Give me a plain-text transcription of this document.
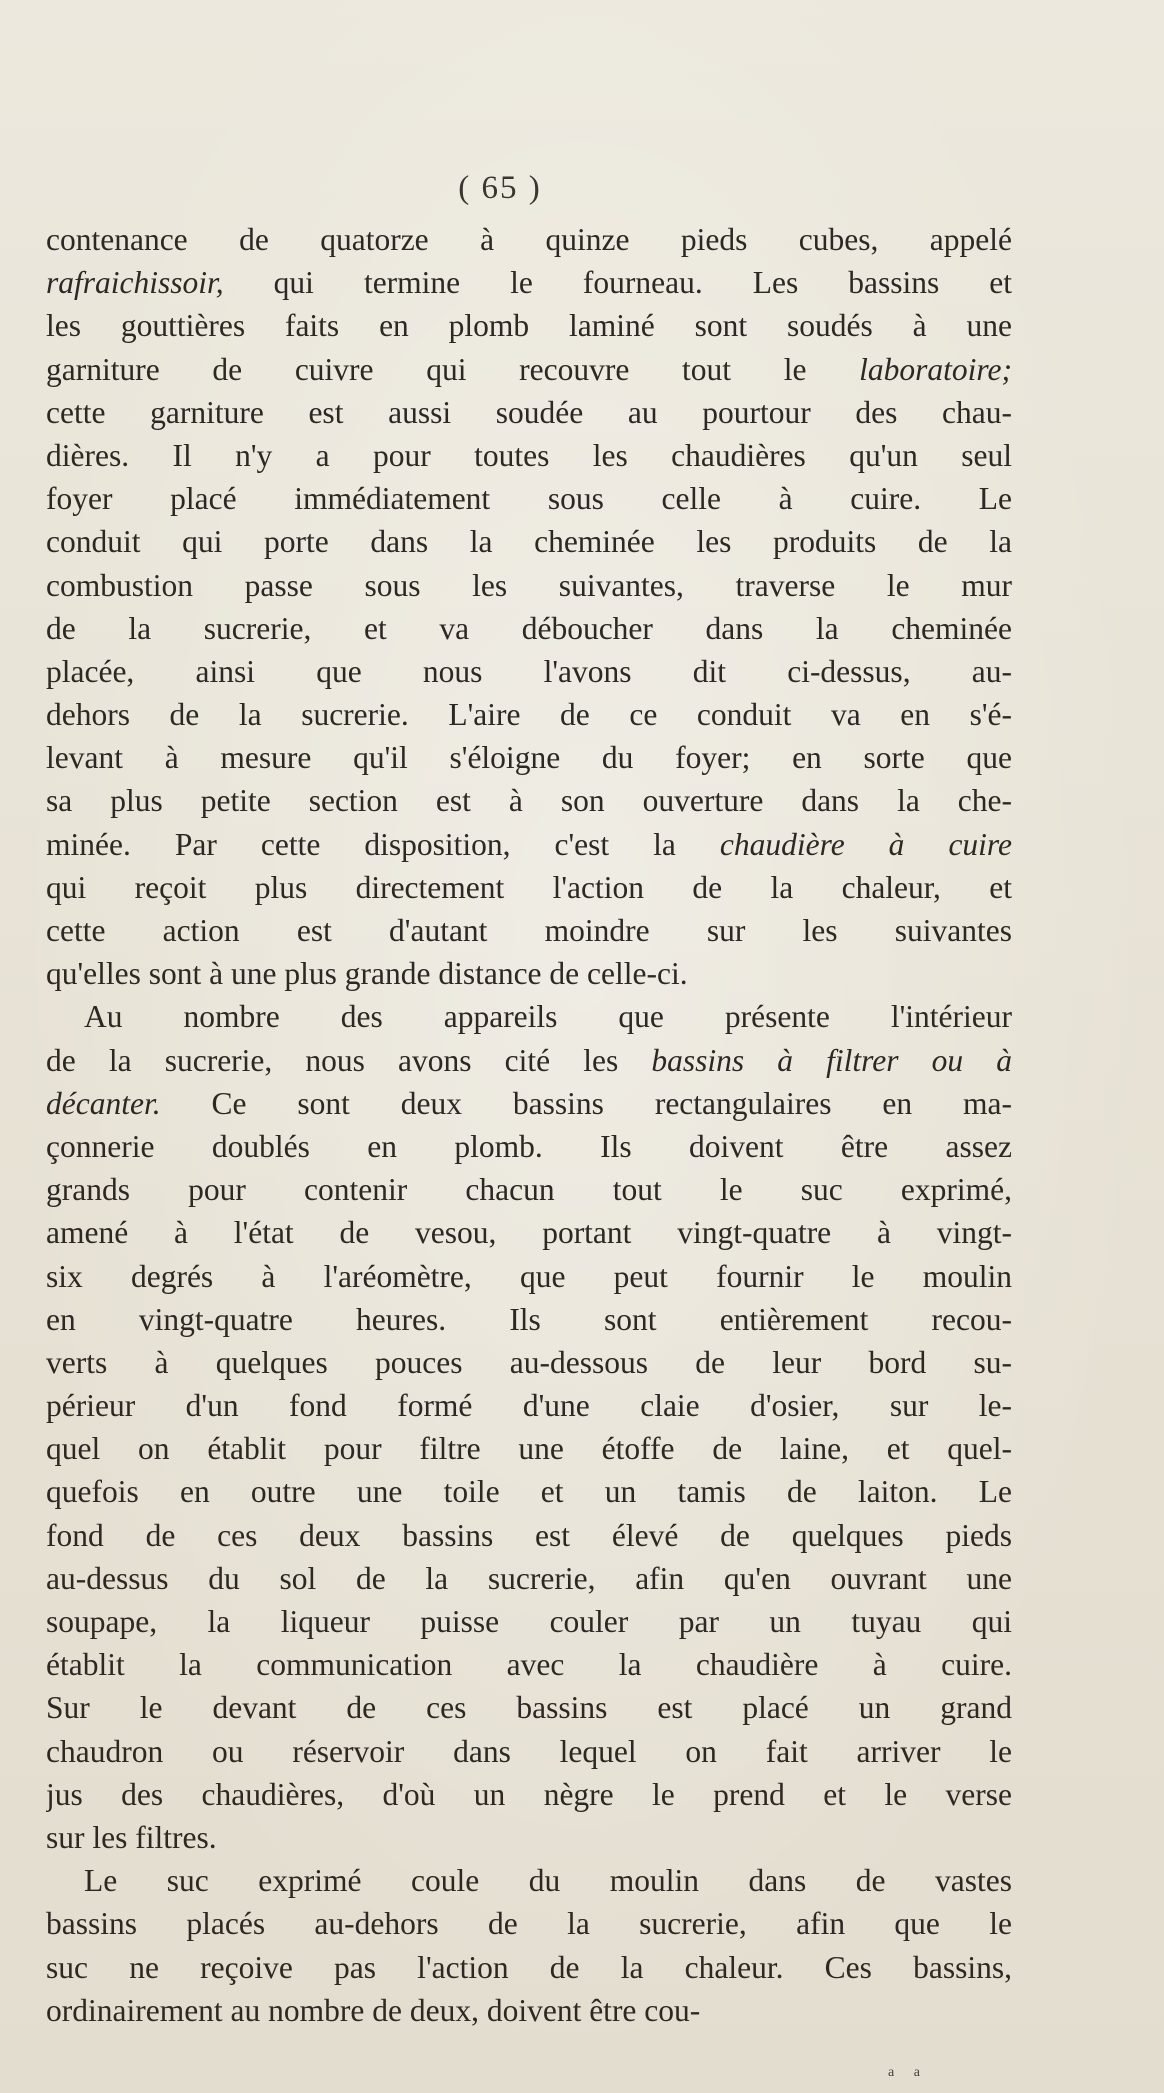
( 65 )
contenance de quatorze à quinze pieds cubes, appelé
rafraichissoir, qui termine le fourneau. Les bassins et
les gouttières faits en plomb laminé sont soudés à une
garniture de cuivre qui recouvre tout le laboratoire;
cette garniture est aussi soudée au pourtour des chau-
dières. Il n'y a pour toutes les chaudières qu'un seul
foyer placé immédiatement sous celle à cuire. Le
conduit qui porte dans la cheminée les produits de la
combustion passe sous les suivantes, traverse le mur
de la sucrerie, et va déboucher dans la cheminée
placée, ainsi que nous l'avons dit ci-dessus, au-
dehors de la sucrerie. L'aire de ce conduit va en s'é-
levant à mesure qu'il s'éloigne du foyer; en sorte que
sa plus petite section est à son ouverture dans la che-
minée. Par cette disposition, c'est la chaudière à cuire
qui reçoit plus directement l'action de la chaleur, et
cette action est d'autant moindre sur les suivantes
qu'elles sont à une plus grande distance de celle-ci.
Au nombre des appareils que présente l'intérieur
de la sucrerie, nous avons cité les bassins à filtrer ou à
décanter. Ce sont deux bassins rectangulaires en ma-
çonnerie doublés en plomb. Ils doivent être assez
grands pour contenir chacun tout le suc exprimé,
amené à l'état de vesou, portant vingt-quatre à vingt-
six degrés à l'aréomètre, que peut fournir le moulin
en vingt-quatre heures. Ils sont entièrement recou-
verts à quelques pouces au-dessous de leur bord su-
périeur d'un fond formé d'une claie d'osier, sur le-
quel on établit pour filtre une étoffe de laine, et quel-
quefois en outre une toile et un tamis de laiton. Le
fond de ces deux bassins est élevé de quelques pieds
au-dessus du sol de la sucrerie, afin qu'en ouvrant une
soupape, la liqueur puisse couler par un tuyau qui
établit la communication avec la chaudière à cuire.
Sur le devant de ces bassins est placé un grand
chaudron ou réservoir dans lequel on fait arriver le
jus des chaudières, d'où un nègre le prend et le verse
sur les filtres.
Le suc exprimé coule du moulin dans de vastes
bassins placés au-dehors de la sucrerie, afin que le
suc ne reçoive pas l'action de la chaleur. Ces bassins,
ordinairement au nombre de deux, doivent être cou-
a a
